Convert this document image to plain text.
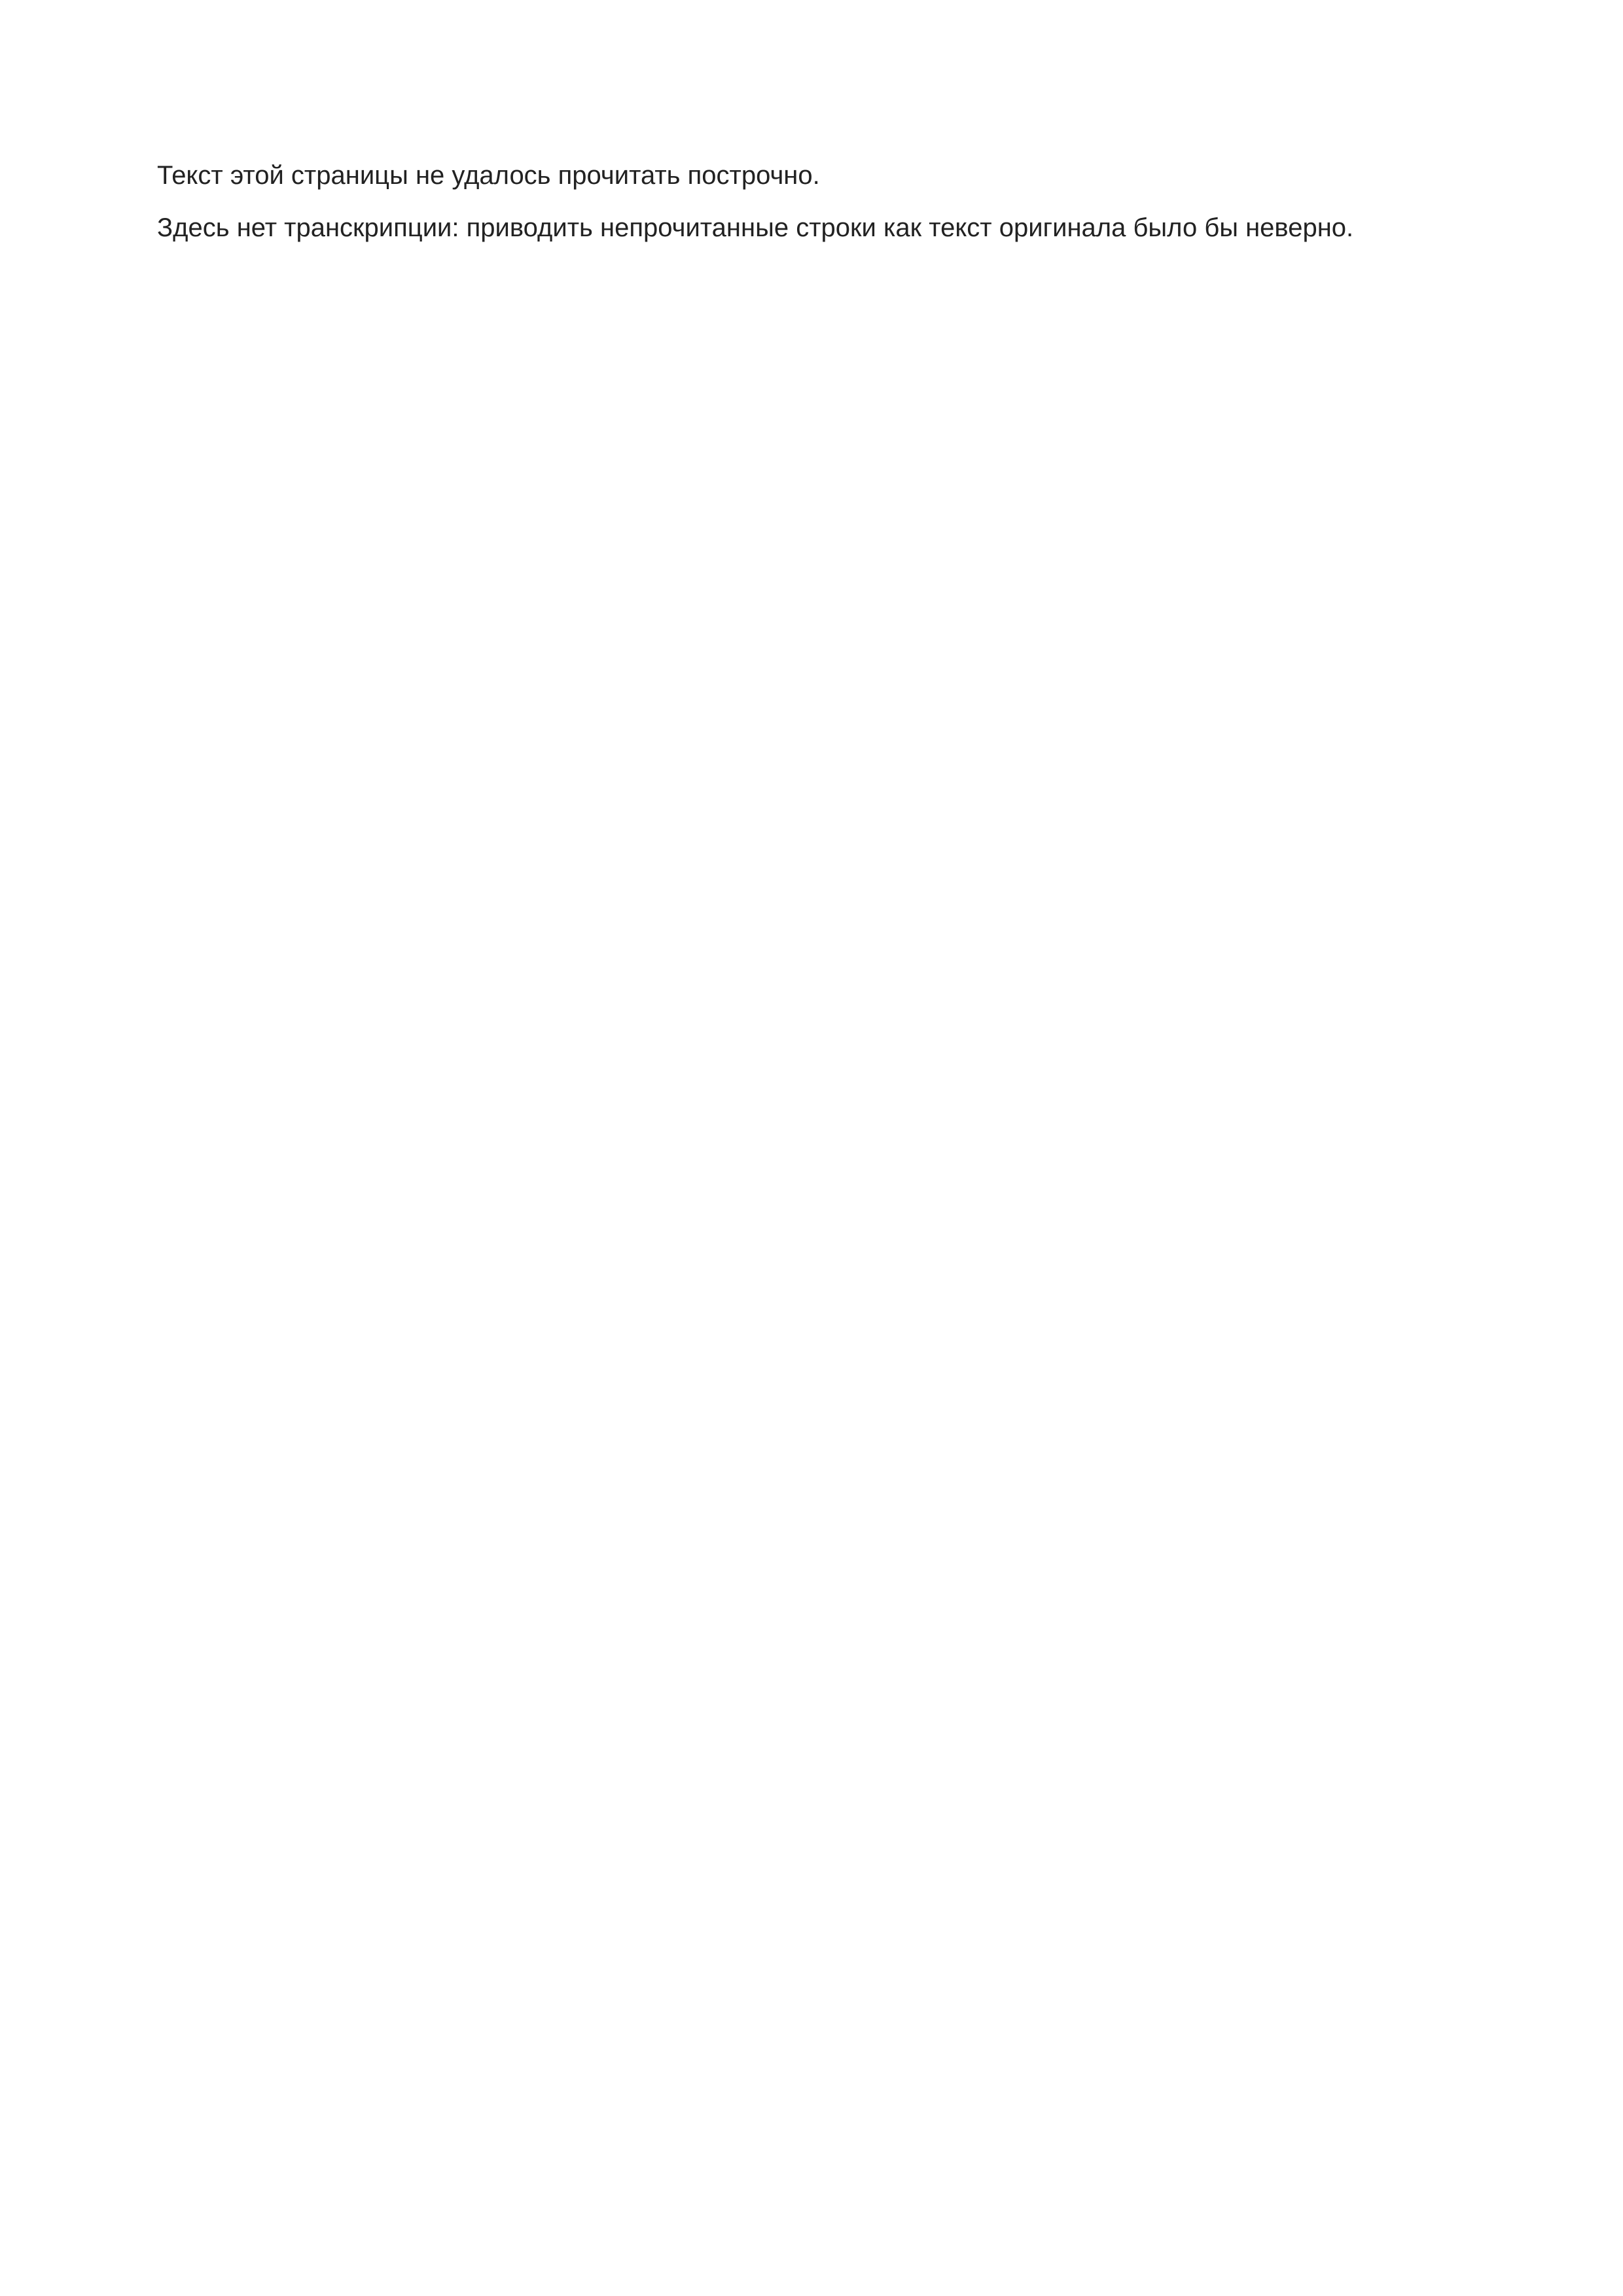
Текст этой страницы не удалось прочитать построчно.

Здесь нет транскрипции: приводить непрочитанные строки как текст оригинала было бы неверно.
